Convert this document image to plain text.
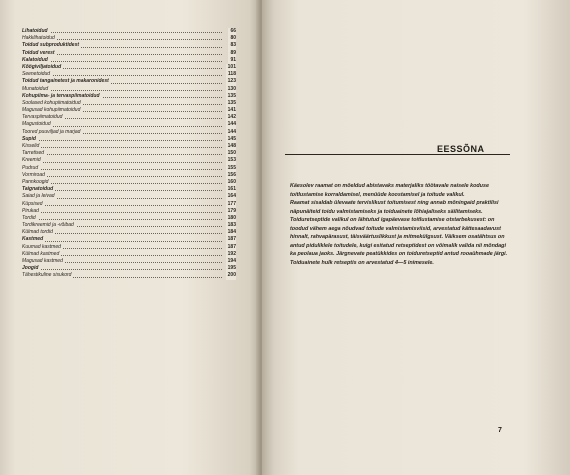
Lihatoidud	66
Hakklihatoidud	80
Toidud subproduktidest	83
Toidud verest	89
Kalatoidud	91
Kõögiviljatoidud	101
Seenetoidud	118
Toidud tangainetest ja makaronidest	123
Munatoidud	130
Kohupiima- ja tervaspiimatoidud	135
Soolased kohupiimatoidud	135
Magusad kohupiimatoidud	141
Tervaspiimatoidud	142
Magustoidud	144
Toored puuviljad ja marjad	144
Supid	145
Kisselid	148
Tarretised	150
Kreemid	153
Pudrud	155
Vormiroad	156
Pannkoogid	160
Taignatoidud	161
Saiad ja leivad	164
Küpsised	177
Pirukad	179
Tordid	180
Tordikreemid ja -võibad	183
Külmad tordid	184
Kastmed	187
Kuumad kastmed	187
Külmad kastmed	192
Magusad kastmed	194
Joogid	195
Tähestikuline sisukord	200
EESSÕNA

Käesolev raamat on mõeldud abistavaks materjaliks töötavale naisele koduse toitlustamise korraldamisel, menüüde koostamisel ja toitude valikul.

Raamat sisaldab ülevaate tervislikust toitumisest ning annab mõningaid praktilisi näpunäiteid toidu valmistamiseks ja toiduainete lõhiajaliseks säilitamiseks.

Toiduretseptide valikul on lähtutud igapäevase toitlustamise otstarbekusest: on toodud vähem aega nõudvad toitude valmistamisviisid, arvestatud kättesaadavust hinnalt, rahvapärasust, täisväärtuslikkust ja mitmekülgsust. Väiksem osatähtsus on antud piduliklele toitudele, kuigi esitatud retseptidest on võimalik valida nii mõndagi ka peolaua jaoks. Järgnevate peatükkides on toiduretseptid antud rooaühmade järgi. Toiduainete hulk retseptis on arvestatud 4—5 inimesele.

7
